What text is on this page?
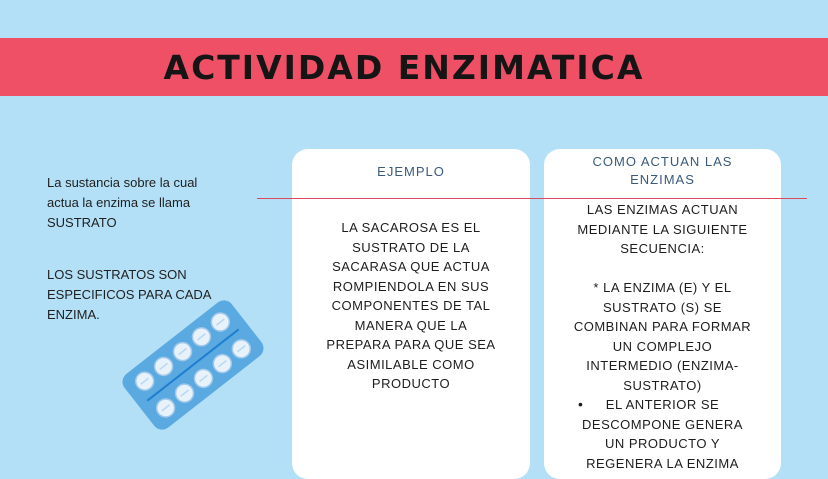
ACTIVIDAD ENZIMATICA
La sustancia sobre la cual
actua la enzima se llama
SUSTRATO
LOS SUSTRATOS SON
ESPECIFICOS PARA CADA
ENZIMA.
EJEMPLO
LA SACAROSA ES EL
SUSTRATO DE LA
SACARASA QUE ACTUA
ROMPIENDOLA EN SUS
COMPONENTES DE TAL
MANERA QUE LA
PREPARA PARA QUE SEA
ASIMILABLE COMO
PRODUCTO
COMO ACTUAN LAS
ENZIMAS
LAS ENZIMAS ACTUAN
MEDIANTE LA SIGUIENTE
SECUENCIA:
* LA ENZIMA (E) Y EL
SUSTRATO (S) SE
COMBINAN PARA FORMAR
UN COMPLEJO
INTERMEDIO (ENZIMA-
SUSTRATO)
•	EL ANTERIOR SE
DESCOMPONE GENERA
UN PRODUCTO Y
REGENERA LA ENZIMA
